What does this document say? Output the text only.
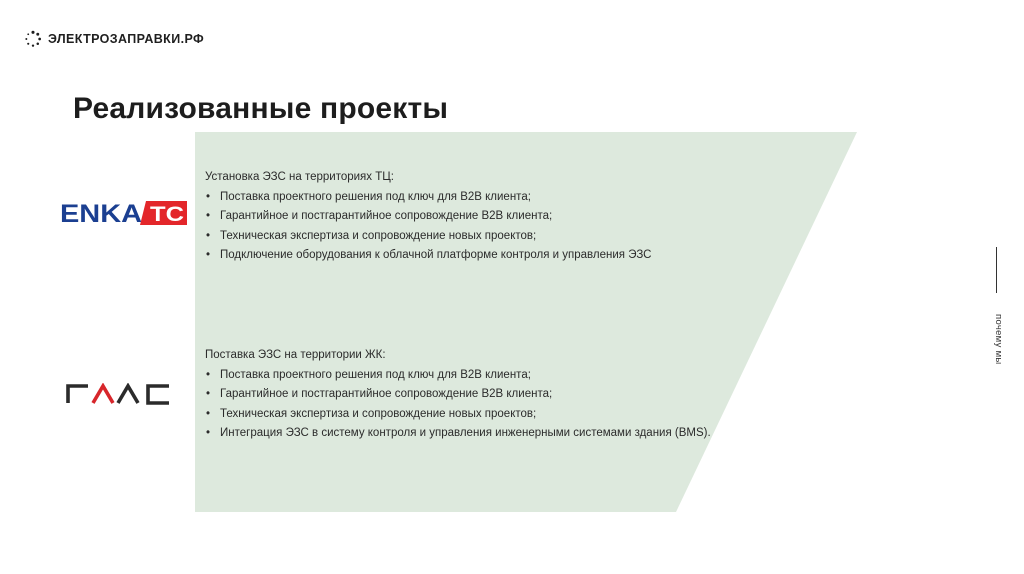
ЭЛЕКТРОЗАПРАВКИ.РФ
Реализованные проекты
ENKA TC

Установка ЭЗС на территориях ТЦ:

• Поставка проектного решения под ключ для B2B клиента;
• Гарантийное и постгарантийное сопровождение B2B клиента;
• Техническая экспертиза и сопровождение новых проектов;
• Подключение оборудования к облачной платформе контроля и управления ЭЗС

Поставка ЭЗС на территории ЖК:

• Поставка проектного решения под ключ для B2B клиента;
• Гарантийное и постгарантийное сопровождение B2B клиента;
• Техническая экспертиза и сопровождение новых проектов;
• Интеграция ЭЗС в систему контроля и управления инженерными системами здания (BMS).
почему мы
